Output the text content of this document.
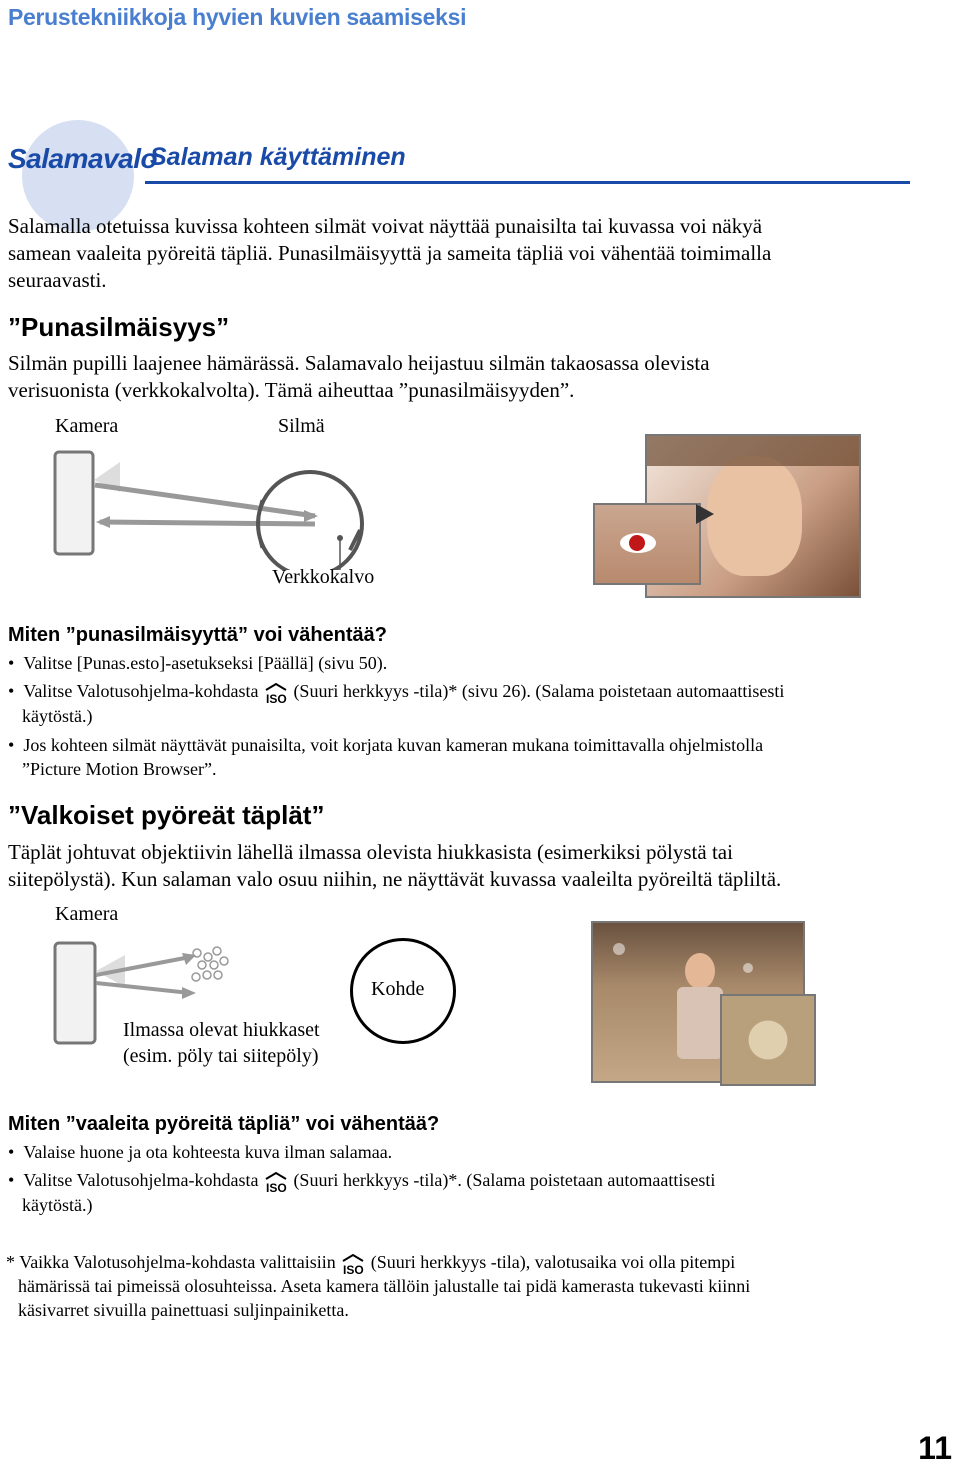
Perustekniikkoja hyvien kuvien saamiseksi
Salamavalo
Salaman käyttäminen
Salamalla otetuissa kuvissa kohteen silmät voivat näyttää punaisilta tai kuvassa voi näkyä
samean vaaleita pyöreitä täpliä. Punasilmäisyyttä ja sameita täpliä voi vähentää toimimalla
seuraavasti.
”Punasilmäisyys”
Silmän pupilli laajenee hämärässä. Salamavalo heijastuu silmän takaosassa olevista
verisuonista (verkkokalvolta). Tämä aiheuttaa ”punasilmäisyyden”.
Kamera	Silmä
Verkkokalvo
Miten ”punasilmäisyyttä” voi vähentää?
•  Valitse [Punas.esto]-asetukseksi [Päällä] (sivu 50).
•  Valitse Valotusohjelma-kohdasta ISO (Suuri herkkyys -tila)* (sivu 26). (Salama poistetaan automaattisesti
käytöstä.)
•  Jos kohteen silmät näyttävät punaisilta, voit korjata kuvan kameran mukana toimittavalla ohjelmistolla
”Picture Motion Browser”.
”Valkoiset pyöreät täplät”
Täplät johtuvat objektiivin lähellä ilmassa olevista hiukkasista (esimerkiksi pölystä tai
siitepölystä). Kun salaman valo osuu niihin, ne näyttävät kuvassa vaaleilta pyöreiltä täpliltä.
Kamera
Ilmassa olevat hiukkaset
(esim. pöly tai siitepöly)
Kohde
Miten ”vaaleita pyöreitä täpliä” voi vähentää?
•  Valaise huone ja ota kohteesta kuva ilman salamaa.
•  Valitse Valotusohjelma-kohdasta ISO (Suuri herkkyys -tila)*. (Salama poistetaan automaattisesti
käytöstä.)
* Vaikka Valotusohjelma-kohdasta valittaisiin ISO (Suuri herkkyys -tila), valotusaika voi olla pitempi
hämärissä tai pimeissä olosuhteissa. Aseta kamera tällöin jalustalle tai pidä kamerasta tukevasti kiinni
käsivarret sivuilla painettuasi suljinpainiketta.
11
